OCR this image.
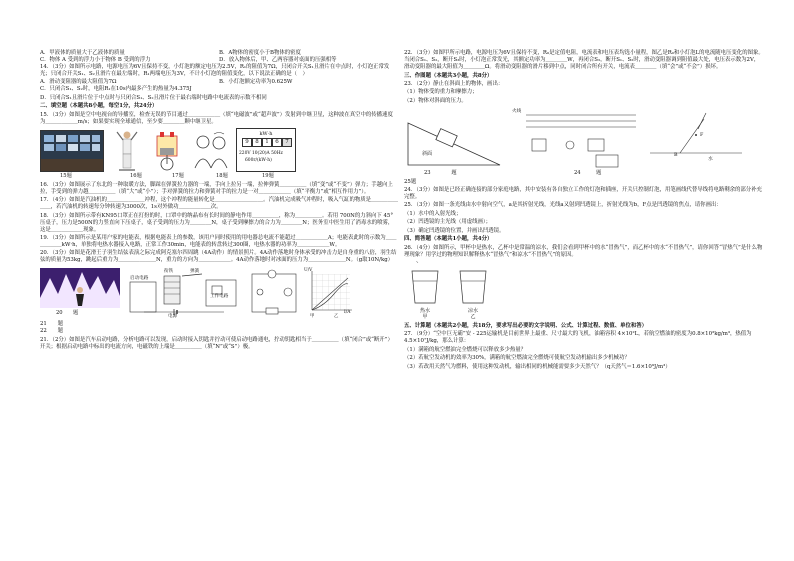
A．甲液体的质量大于乙液体的质量	B．A物体的密度小于B物体的密度
C．物体 A 受到的浮力小于物体 B 受到的浮力	D．放入物体后，甲、乙两容器对桌面的压强相等

14．（3分）如图所示电路，电源电压为6V且保持不变，小灯泡的额定电压为2.5V，R₁的阻值为7Ω，只闭合开关S₁且滑片在中点时，小灯泡正常发光；只闭合开关S₁、S₂且滑片在最左端时，R₁两端电压为3V，不计小灯泡的阻值变化，以下说法正确的是（　）

A．滑动变阻器的最大阻值为7Ω	B．小灯泡额定功率为0.625W

C．只闭合S₁、S₂时，电阻R₁在10s内最多产生的热量为4.375J

D．只闭合S₁且滑片位于中点时与只闭合S₁、S₂且滑片位于最右端时电路中电流表的示数不相同

二、填空题（本题共8小题，每空1分，共24分）

15．（3分）如图是空中电视台的导播室，检查无误的节目通过＿＿＿＿＿＿（填“电磁波”或“超声波”）发射到中继卫星，这种波在真空中的传播速度为＿＿＿＿＿＿m/s；如果要实现全球通信，至少要＿＿＿＿颗中继卫星。

kW·h
9	8	1	6	7
220V 10(20)A 50Hz
600r/(kW·h)
15题	16题	17题	18题	19题

16．（3分）如图展示了东北的一种取暖方法，脚踩在弹簧拉力器的一端，手向上拉另一端，拉伸弹簧＿＿＿＿＿（填“变”或“不变”）弹力；手越向上拉，手受到的弹力越＿＿＿＿＿（填“大”或“小”）；手对弹簧的拉力和弹簧对手的拉力是一对＿＿＿＿＿＿（填“平衡力”或“相互作用力”）。

17．（4分）如图是汽油机的＿＿＿＿＿＿＿冲程，这个冲程的能量转化是＿＿＿＿＿＿＿＿＿。汽油机完成吸气冲程时，吸入气缸的物质是＿＿＿＿＿＿＿，若汽油机的转速每分钟转速为3000次，1s对外做功＿＿＿＿＿＿次。

18．（3分）如图所示带有KN95口罩正在打扮的时，口罩中的纳晶布有长时间的静电作用＿＿＿＿＿，称为＿＿＿＿＿。若用 700N的力斜向下 45°压桌子，压力是500N的力竖直向下压桌子，桌子受到的压力为＿＿＿＿N，桌子受到摩擦力的合力为＿＿＿＿N；医务室中医生用了消毒水的喷雾，这是＿＿＿＿＿＿现象。

19．（3分）如图所示是某用户家的电能表，根据电能表上的参数，该用户同时使用的用电器总电流不能超过＿＿＿＿＿＿A；电能表此时的示数为＿＿＿＿＿＿kW·h，单独将电热水器接入电路，正常工作30min，电能表的转盘转过300圈，电热水器的功率为＿＿＿＿＿＿W。

20．（3分）如图是花滑王子羽生结弦表演之际完成阿克塞尔四周跳（4A动作）的情景照片。4A动作落地时身体承受的冲击力是自身重的八倍，羽生结弦的质量为53kg，跳起后重力为＿＿＿＿＿＿＿N，重力的方向为＿＿＿＿＿＿。4A动作落地时对冰面的压力为＿＿＿＿＿＿＿N。（g取10N/kg）

20　　题
衔铁	弹簧
启动电路
工作电路
电源
U/V
I/A
甲	乙

21　　题

22　　题

21．（2分）如图是汽车启动电路，分析电路可以发现，启动时接入钥匙并拧动可使启动电路通电，拧动钥匙相当于＿＿＿＿＿（填“闭合”或“断开”）开关；根据启动电路中标出的电流方向，电磁铁的上端是＿＿＿＿＿（填“N”或“S”）极。

22．（3分）如图甲所示电路，电源电压为6V且保持不变，R₀是定值电阻，电流表和电压表均选小量程，图乙是R₀和小灯泡L的电流随电压变化的图象。当闭合S₁、S₂，断开S₃时，小灯泡正常发光，其额定功率为＿＿＿＿W，再闭合S₃，断开S₁、S₂时，滑动变阻器调到阻值最大处，电压表示数为2V，滑动变阻器的最大阻值为＿＿＿＿Ω。将滑动变阻器的滑片移到中点，同时闭合所有开关，电流表＿＿＿＿（填“会”或“不会”）损坏。

三、作图题（本题共3小题，共8分）

23．（2分）静止在斜面上的物体，画出：

（1）物体受的重力和摩擦力；

（2）物体对斜面的压力。

斜面
火线
B
F
水
23　　　　题	24　　　题

25题

24．（3分）如图是已经正确连接的部分家庭电路，其中安装有各自独立工作的灯泡和插座，开关只控制灯泡，用笔画线代替导线将电路剩余的部分补充完整。

25．（3分）如图一条光线由水中射向空气，a是其折射光线，光线a又射到凹透镜上，折射光线为b，F点是凹透镜的焦点，请你画出：

（1）水中的入射光线；

（2）凹透镜的主光线（用虚线画）；

（3）确定凹透镜的位置，并画出凹透镜。

四、简答题（本题共1小题，共4分）

26．（4分）如图所示，甲杯中是热水，乙杯中是常温的凉水，我们会看到甲杯中的水“冒热气”，而乙杯中的水“不冒热气”，请你回答“冒热气”是什么物理现象？用学过的物理知识解释热水“冒热气”和凉水“不冒热气”的原因。

热水
甲
凉水
乙

五、计算题（本题共2小题，共18分，要求写出必要的文字说明、公式、计算过程、数值、单位和答）

27．（9分）“空中巨无霸”安 - 225运输机是目前世界上最重、尺寸最大的飞机，油箱容积 4×10²L，若航空燃油的密度为0.8×10³kg/m³，热值为4.5×10⁷J/kg，那么计算：

（1）满箱的航空燃油完全燃烧可以释放多少热量？

（2）若航空发动机的效率为30%，满箱的航空燃油完全燃烧可使航空发动机输出多少机械功？

（3）若改用天然气为燃料，使用这种发动机，输出相同的机械能需要多少天然气？（q天然气＝1.6×10⁹J/m³）
